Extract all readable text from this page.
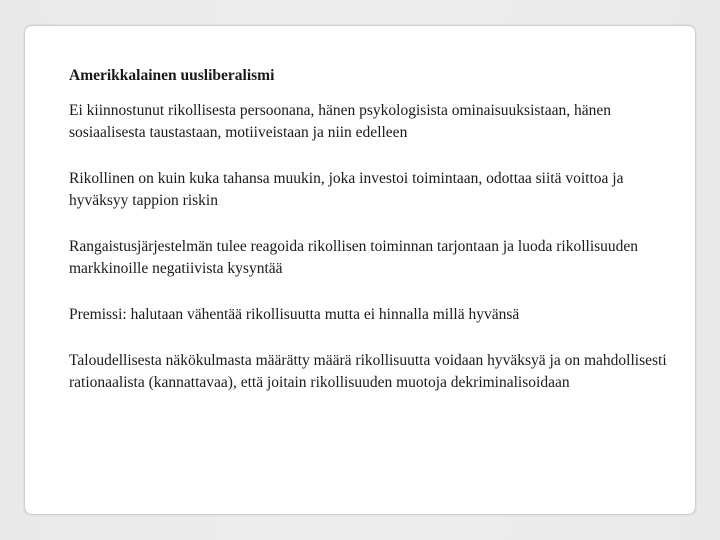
Amerikkalainen uusliberalismi
Ei kiinnostunut rikollisesta persoonana, hänen psykologisista ominaisuuksistaan, hänen sosiaalisesta taustastaan, motiiveistaan ja niin edelleen
Rikollinen on kuin kuka tahansa muukin, joka investoi toimintaan, odottaa siitä voittoa ja hyväksyy tappion riskin
Rangaistusjärjestelmän tulee reagoida rikollisen toiminnan tarjontaan ja luoda rikollisuuden markkinoille negatiivista kysyntää
Premissi: halutaan vähentää rikollisuutta mutta ei hinnalla millä hyvänsä
Taloudellisesta näkökulmasta määrätty määrä rikollisuutta voidaan hyväksyä ja on mahdollisesti rationaalista (kannattavaa), että joitain rikollisuuden muotoja dekriminalisoidaan
